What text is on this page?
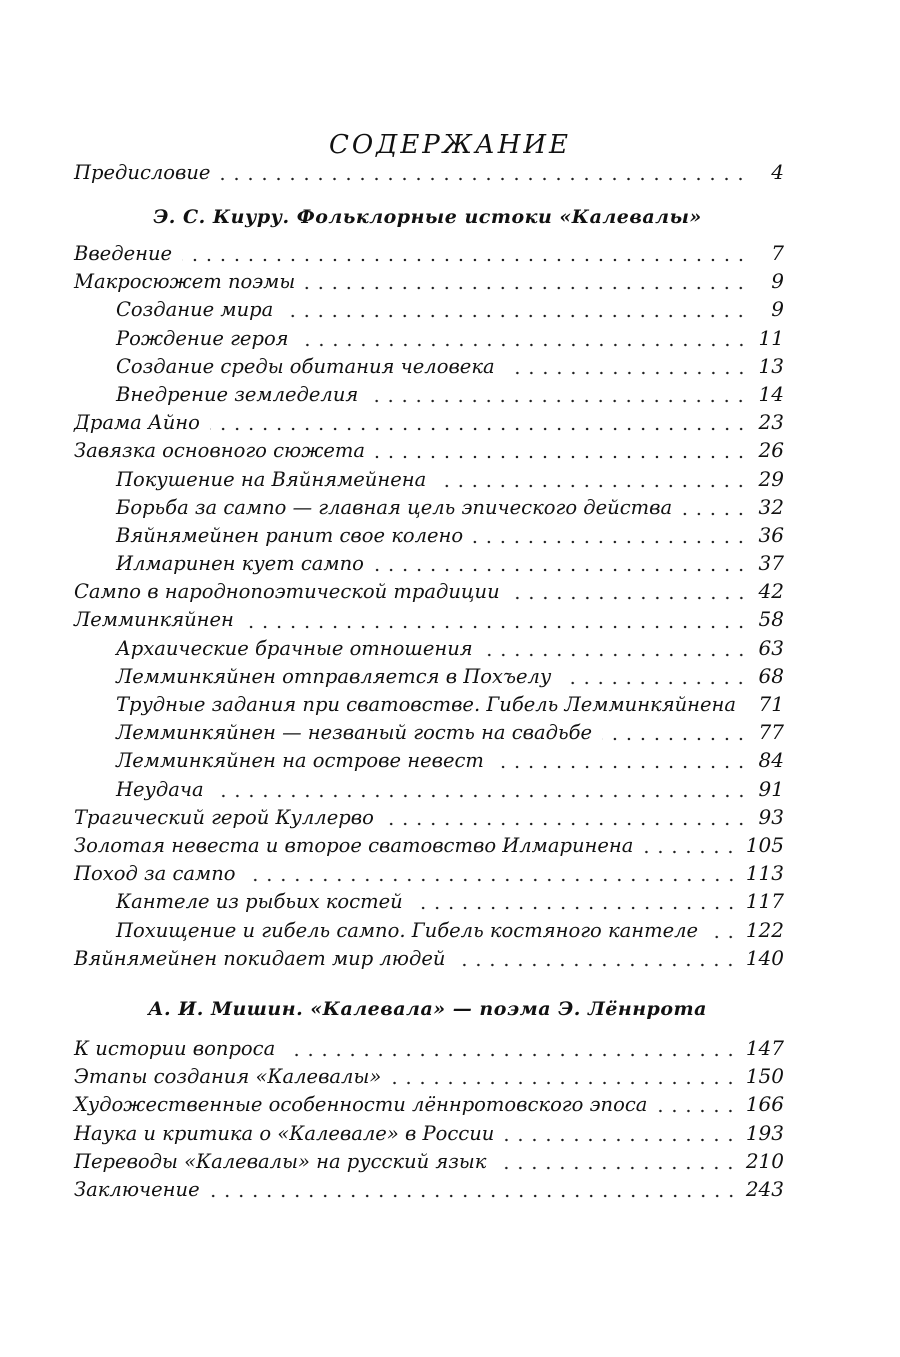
СОДЕРЖАНИЕ
Предисловие	4
Э. С. Киуру. Фольклорные истоки «Калевалы»
Введение	7
Макросюжет поэмы	9
Создание мира	9
Рождение героя	11
Создание среды обитания человека	13
Внедрение земледелия	14
Драма Айно	23
Завязка основного сюжета	26
Покушение на Вяйнямейнена	29
Борьба за сампо — главная цель эпического действа	32
Вяйнямейнен ранит свое колено	36
Илмаринен кует сампо	37
Сампо в народнопоэтической традиции	42
Лемминкяйнен	58
Архаические брачные отношения	63
Лемминкяйнен отправляется в Похъелу	68
Трудные задания при сватовстве. Гибель Лемминкяйнена 71
Лемминкяйнен — незваный гость на свадьбе	77
Лемминкяйнен на острове невест	84
Неудача	91
Трагический герой Куллерво	93
Золотая невеста и второе сватовство Илмаринена	105
Поход за сампо	113
Кантеле из рыбьих костей	117
Похищение и гибель сампо. Гибель костяного кантеле 122
Вяйнямейнен покидает мир людей	140
А. И. Мишин. «Калевала» — поэма Э. Лённрота
К истории вопроса	147
Этапы создания «Калевалы»	150
Художественные особенности лённротовского эпоса	166
Наука и критика о «Калевале» в России	193
Переводы «Калевалы» на русский язык	210
Заключение	243
